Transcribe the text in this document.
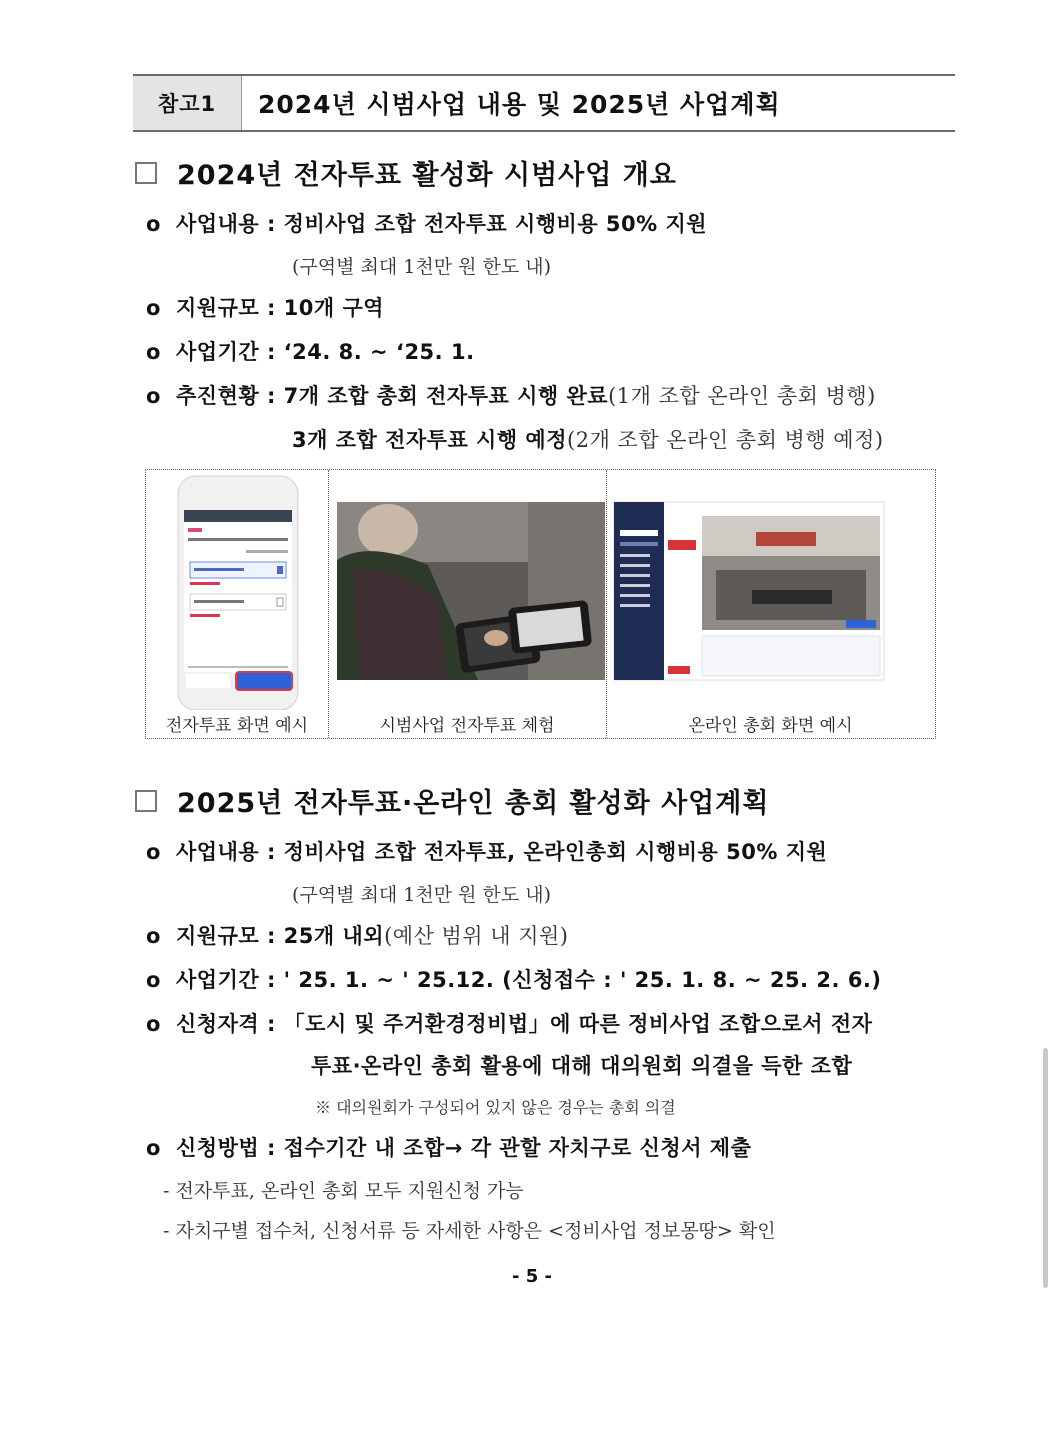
참고1	2024년 시범사업 내용 및 2025년 사업계획
2024년 전자투표 활성화 시범사업 개요
o 사업내용 : 정비사업 조합 전자투표 시행비용 50% 지원
(구역별 최대 1천만 원 한도 내)
o 지원규모 : 10개 구역
o 사업기간 : ‘24. 8. ~ ‘25. 1.
o 추진현황 : 7개 조합 총회 전자투표 시행 완료(1개 조합 온라인 총회 병행)
3개 조합 전자투표 시행 예정(2개 조합 온라인 총회 병행 예정)
전자투표 화면 예시	시범사업 전자투표 체험	온라인 총회 화면 예시
2025년 전자투표·온라인 총회 활성화 사업계획
o 사업내용 : 정비사업 조합 전자투표, 온라인총회 시행비용 50% 지원
(구역별 최대 1천만 원 한도 내)
o 지원규모 : 25개 내외(예산 범위 내 지원)
o 사업기간 : ' 25. 1. ~ ' 25.12. (신청접수 : ' 25. 1. 8. ~ 25. 2. 6.)
o 신청자격 : 「도시 및 주거환경정비법」에 따른 정비사업 조합으로서 전자
투표·온라인 총회 활용에 대해 대의원회 의결을 득한 조합
※ 대의원회가 구성되어 있지 않은 경우는 총회 의결
o 신청방법 : 접수기간 내 조합→ 각 관할 자치구로 신청서 제출
- 전자투표, 온라인 총회 모두 지원신청 가능
- 자치구별 접수처, 신청서류 등 자세한 사항은 <정비사업 정보몽땅> 확인
- 5 -
